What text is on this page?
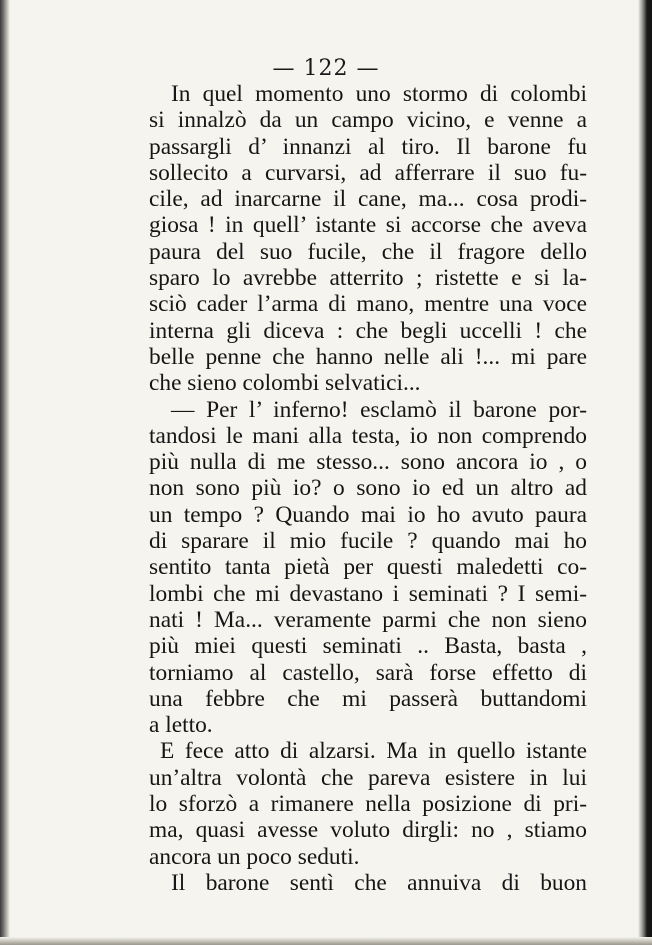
— 122 —
In quel momento uno stormo di colombi
si innalzò da un campo vicino, e venne a
passargli d’ innanzi al tiro. Il barone fu
sollecito a curvarsi, ad afferrare il suo fu-
cile, ad inarcarne il cane, ma... cosa prodi-
giosa ! in quell’ istante si accorse che aveva
paura del suo fucile, che il fragore dello
sparo lo avrebbe atterrito ; ristette e si la-
sciò cader l’arma di mano, mentre una voce
interna gli diceva : che begli uccelli ! che
belle penne che hanno nelle ali !... mi pare
che sieno colombi selvatici...
— Per l’ inferno! esclamò il barone por-
tandosi le mani alla testa, io non comprendo
più nulla di me stesso... sono ancora io , o
non sono più io? o sono io ed un altro ad
un tempo ? Quando mai io ho avuto paura
di sparare il mio fucile ? quando mai ho
sentito tanta pietà per questi maledetti co-
lombi che mi devastano i seminati ? I semi-
nati ! Ma... veramente parmi che non sieno
più miei questi seminati .. Basta, basta ,
torniamo al castello, sarà forse effetto di
una febbre che mi passerà buttandomi
a letto.
E fece atto di alzarsi. Ma in quello istante
un’altra volontà che pareva esistere in lui
lo sforzò a rimanere nella posizione di pri-
ma, quasi avesse voluto dirgli: no , stiamo
ancora un poco seduti.
Il barone sentì che annuiva di buon
